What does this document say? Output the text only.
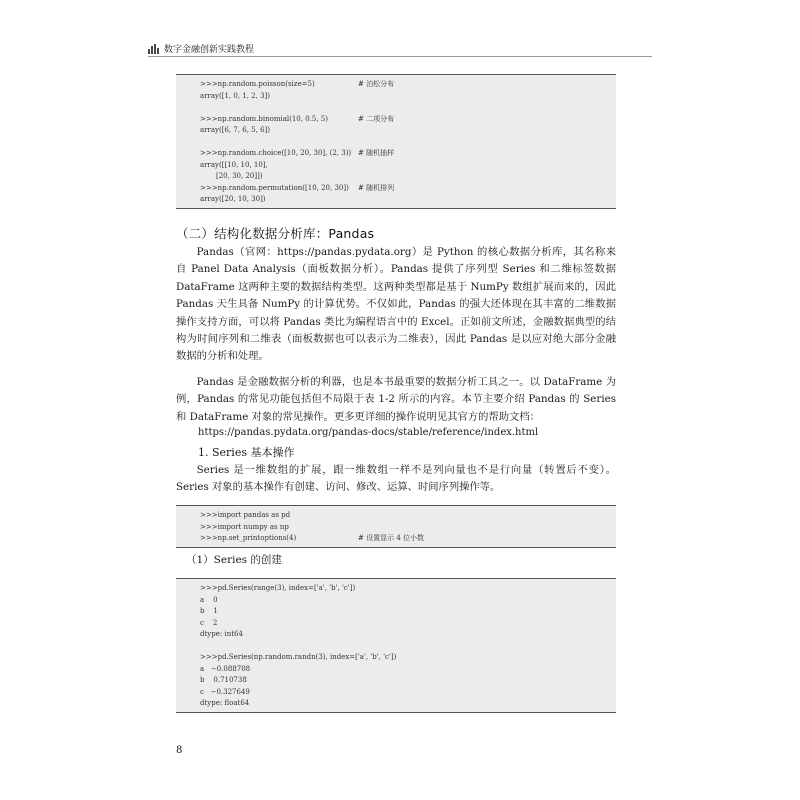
数字金融创新实践教程
>>>np.random.poisson(size=5)	# 泊松分布
array([1, 0, 1, 2, 3])
>>>np.random.binomial(10, 0.5, 5)	# 二项分布
array([6, 7, 6, 5, 6])
>>>np.random.choice([10, 20, 30], (2, 3)) # 随机抽样
array([[10, 10, 10],
[20, 30, 20]])
>>>np.random.permutation([10, 20, 30]) # 随机排列
array([20, 10, 30])
（二）结构化数据分析库：Pandas

Pandas（官网：https://pandas.pydata.org）是 Python 的核心数据分析库，其名称来自 Panel Data Analysis（面板数据分析）。Pandas 提供了序列型 Series 和二维标签数据 DataFrame 这两种主要的数据结构类型。这两种类型都是基于 NumPy 数组扩展而来的，因此 Pandas 天生具备 NumPy 的计算优势。不仅如此，Pandas 的强大还体现在其丰富的二维数据操作支持方面，可以将 Pandas 类比为编程语言中的 Excel。正如前文所述，金融数据典型的结构为时间序列和二维表（面板数据也可以表示为二维表），因此 Pandas 是以应对绝大部分金融数据的分析和处理。

Pandas 是金融数据分析的利器，也是本书最重要的数据分析工具之一。以 DataFrame 为例，Pandas 的常见功能包括但不局限于表 1-2 所示的内容。本节主要介绍 Pandas 的 Series 和 DataFrame 对象的常见操作。更多更详细的操作说明见其官方的帮助文档：

https://pandas.pydata.org/pandas-docs/stable/reference/index.html
1. Series 基本操作

Series 是一维数组的扩展，跟一维数组一样不是列向量也不是行向量（转置后不变）。Series 对象的基本操作有创建、访问、修改、运算、时间序列操作等。

>>>import pandas as pd
>>>import numpy as np
>>>np.set_printoptions(4)	# 设置显示 4 位小数
（1）Series 的创建
>>>pd.Series(range(3), index=['a', 'b', 'c'])
a    0
b    1
c    2
dtype: int64
>>>pd.Series(np.random.randn(3), index=['a', 'b', 'c'])
a   −0.088708
b    0.710738
c   −0.327649
dtype: float64
8
